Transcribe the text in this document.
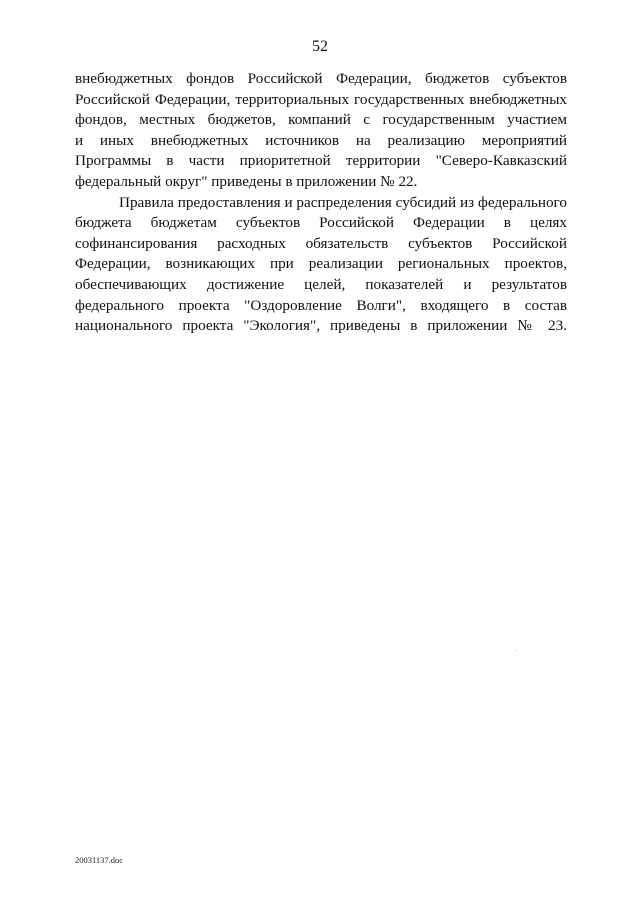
52

внебюджетных фондов Российской Федерации, бюджетов субъектов

Российской Федерации, территориальных государственных внебюджетных

фондов, местных бюджетов, компаний с государственным участием

и иных внебюджетных источников на реализацию мероприятий

Программы в части приоритетной территории "Северо-Кавказский

федеральный округ" приведены в приложении № 22.

Правила предоставления и распределения субсидий из федерального

бюджета бюджетам субъектов Российской Федерации в целях

софинансирования расходных обязательств субъектов Российской

Федерации, возникающих при реализации региональных проектов,

обеспечивающих достижение целей, показателей и результатов

федерального проекта "Оздоровление Волги", входящего в состав

национального проекта "Экология", приведены в приложении № 23.

20031137.doc
